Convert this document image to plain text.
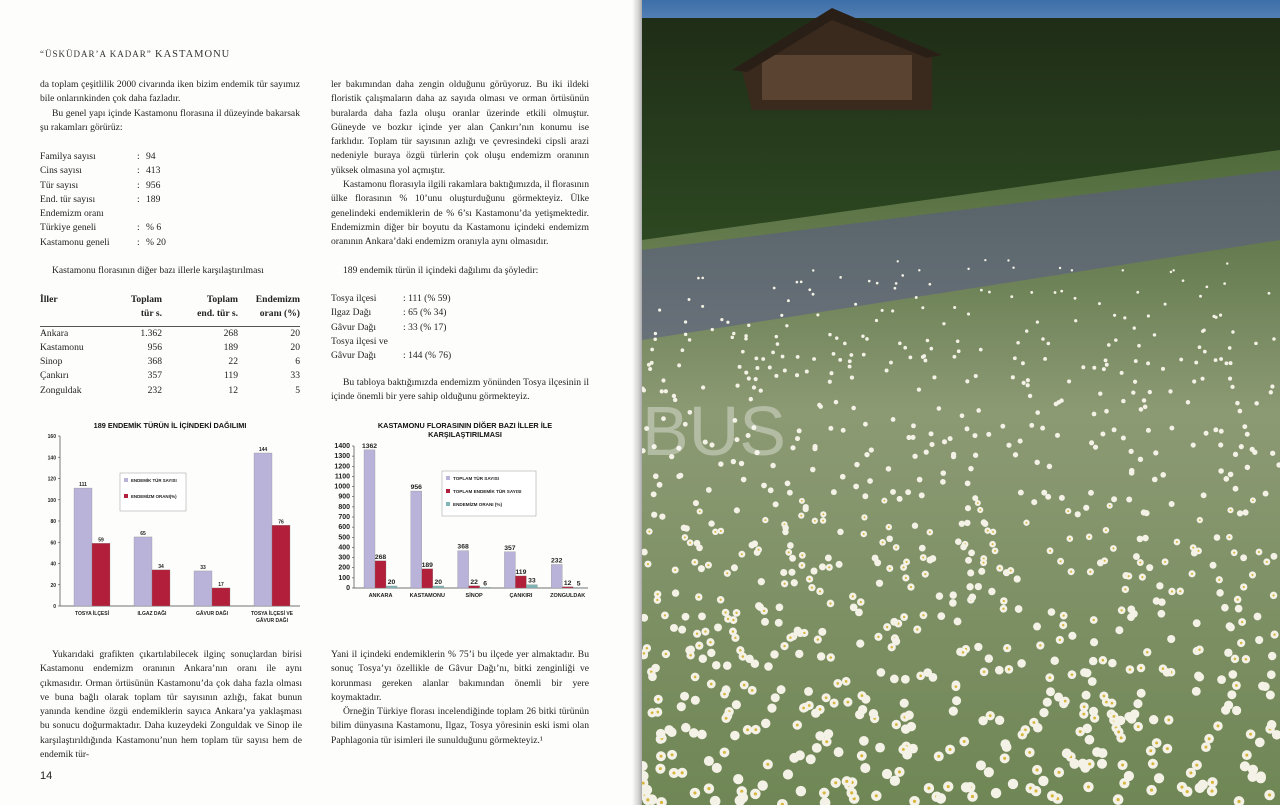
“ÜSKÜDAR’A KADAR” KASTAMONU
da toplam çeşitlilik 2000 civarında iken bizim endemik tür sayımız bile onlarınkinden çok daha fazladır.
Bu genel yapı içinde Kastamonu florasına il düzeyinde bakarsak şu rakamları görürüz:
Familya sayısı	: 94
Cins sayısı	: 413
Tür sayısı	: 956
End. tür sayısı	: 189
Endemizm oranı
Türkiye geneli	: % 6
Kastamonu geneli	: % 20
Kastamonu florasının diğer bazı illerle karşılaştırılması
İller	Toplam	Toplam	Endemizm
	tür s.	end. tür s.	oranı (%)

Ankara	1.362	268	20
Kastamonu	956	189	20
Sinop	368	22	6
Çankırı	357	119	33
Zonguldak	232	12	5
189 ENDEMİK TÜRÜN İL İÇİNDEKİ DAĞILIMI
0
20
40
60
80
100
120
140
160
111
59
TOSYA İLÇESİ
65
34
ILGAZ DAĞI
33
17
GÂVUR DAĞI
144
76
TOSYA İLÇESİ VE GÂVUR DAĞI
ENDEMİK TÜR SAYISI
ENDEMİZM ORANI(%)
Yukarıdaki grafikten çıkartılabilecek ilginç sonuçlardan birisi Kastamonu endemizm oranının Ankara’nın oranı ile aynı çıkmasıdır. Orman örtüsünün Kastamonu’da çok daha fazla olması ve buna bağlı olarak toplam tür sayısının azlığı, fakat bunun yanında kendine özgü endemiklerin sayıca Ankara’ya yaklaşması bu sonucu doğurmaktadır. Daha kuzeydeki Zonguldak ve Sinop ile karşılaştırıldığında Kastamonu’nun hem toplam tür sayısı hem de endemik tür-
ler bakımından daha zengin olduğunu görüyoruz. Bu iki ildeki floristik çalışmaların daha az sayıda olması ve orman örtüsünün buralarda daha fazla oluşu oranlar üzerinde etkili olmuştur. Güneyde ve bozkır içinde yer alan Çankırı’nın konumu ise farklıdır. Toplam tür sayısının azlığı ve çevresindeki cipsli arazi nedeniyle buraya özgü türlerin çok oluşu endemizm oranının yüksek olmasına yol açmıştır.
Kastamonu florasıyla ilgili rakamlara baktığımızda, il florasının ülke florasının % 10’unu oluşturduğunu görmekteyiz. Ülke genelindeki endemiklerin de % 6’sı Kastamonu’da yetişmektedir. Endemizmin diğer bir boyutu da Kastamonu içindeki endemizm oranının Ankara’daki endemizm oranıyla aynı olmasıdır.
189 endemik türün il içindeki dağılımı da şöyledir:
Tosya ilçesi	: 111 (% 59)
Ilgaz Dağı	: 65 (% 34)
Gâvur Dağı	: 33 (% 17)
Tosya ilçesi ve
Gâvur Dağı	: 144 (% 76)
Bu tabloya baktığımızda endemizm yönünden Tosya ilçesinin il içinde önemli bir yere sahip olduğunu görmekteyiz.
KASTAMONU FLORASININ DİĞER BAZI İLLER İLE KARŞILAŞTIRILMASI
0
100
200
300
400
500
600
700
800
900
1000
1100
1200
1300
1400 1362
268
20
ANKARA
956
189
20
KASTAMONU
368
22 6
SİNOP
357
119
33
ÇANKIRI
232
12 5
ZONGULDAK
TOPLAM TÜR SAYISI
TOPLAM ENDEMİK TÜR SAYISI
ENDEMİZM ORANI (%)
Yani il içindeki endemiklerin % 75’i bu ilçede yer almaktadır. Bu sonuç Tosya’yı özellikle de Gâvur Dağı’nı, bitki zenginliği ve korunması gereken alanlar bakımından önemli bir yere koymaktadır.
Örneğin Türkiye florası incelendiğinde toplam 26 bitki türünün bilim dünyasına Kastamonu, Ilgaz, Tosya yöresinin eski ismi olan Paphlagonia tür isimleri ile sunulduğunu görmekteyiz.¹
14
BUS
